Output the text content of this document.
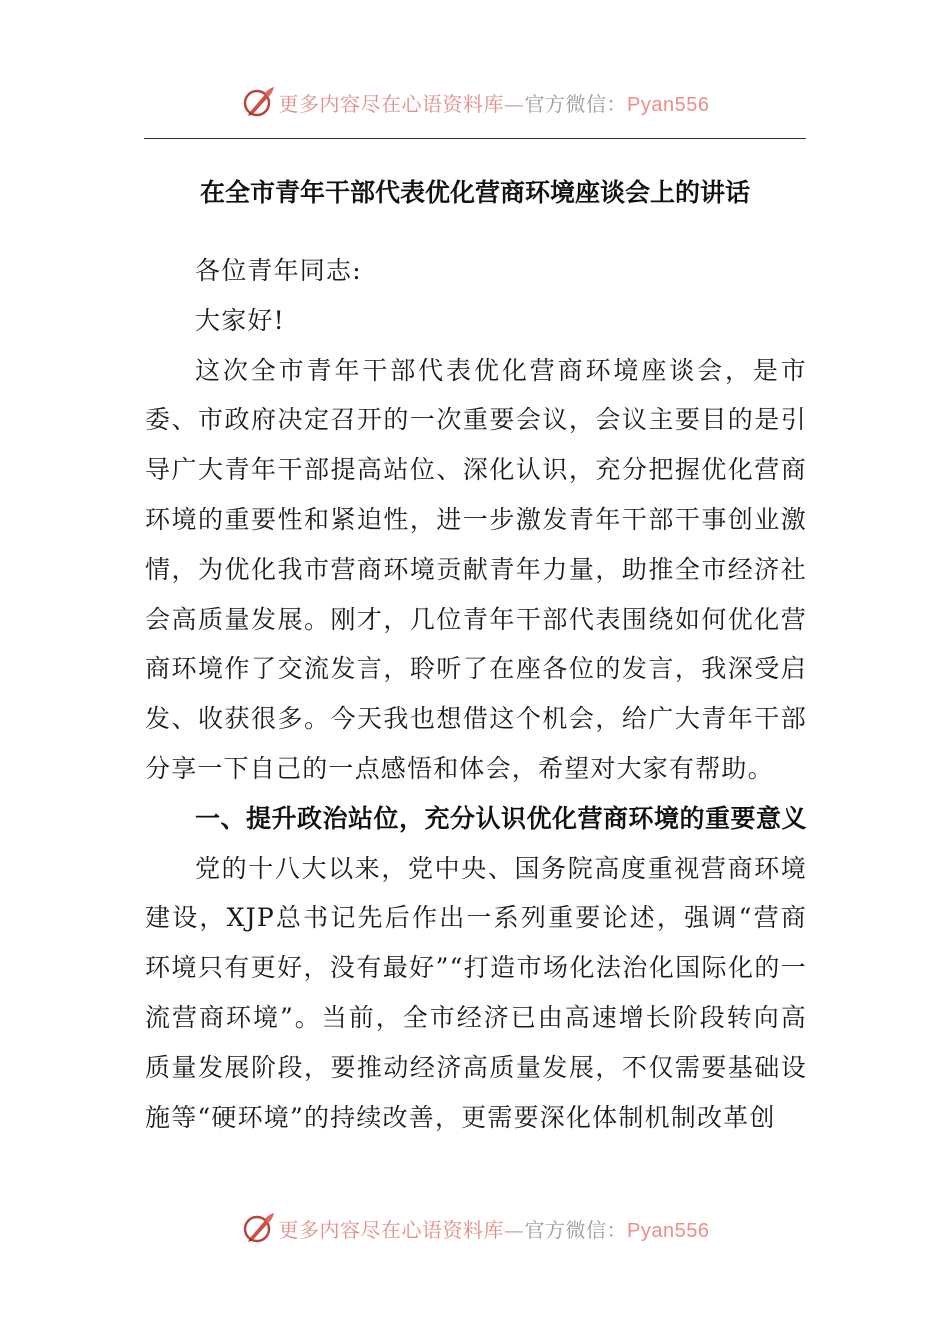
更多内容尽在心语资料库—官方微信：Pyan556
在全市青年干部代表优化营商环境座谈会上的讲话

各位青年同志:

大家好!

这次全市青年干部代表优化营商环境座谈会，是市委、市政府决定召开的一次重要会议，会议主要目的是引导广大青年干部提高站位、深化认识，充分把握优化营商环境的重要性和紧迫性，进一步激发青年干部干事创业激情，为优化我市营商环境贡献青年力量，助推全市经济社会高质量发展。刚才，几位青年干部代表围绕如何优化营商环境作了交流发言，聆听了在座各位的发言，我深受启发、收获很多。今天我也想借这个机会，给广大青年干部分享一下自己的一点感悟和体会，希望对大家有帮助。

一、提升政治站位，充分认识优化营商环境的重要意义

党的十八大以来，党中央、国务院高度重视营商环境建设，XJP总书记先后作出一系列重要论述，强调“营商环境只有更好，没有最好”“打造市场化法治化国际化的一流营商环境”。当前，全市经济已由高速增长阶段转向高质量发展阶段，要推动经济高质量发展，不仅需要基础设施等“硬环境”的持续改善，更需要深化体制机制改革创

更多内容尽在心语资料库—官方微信：Pyan556
